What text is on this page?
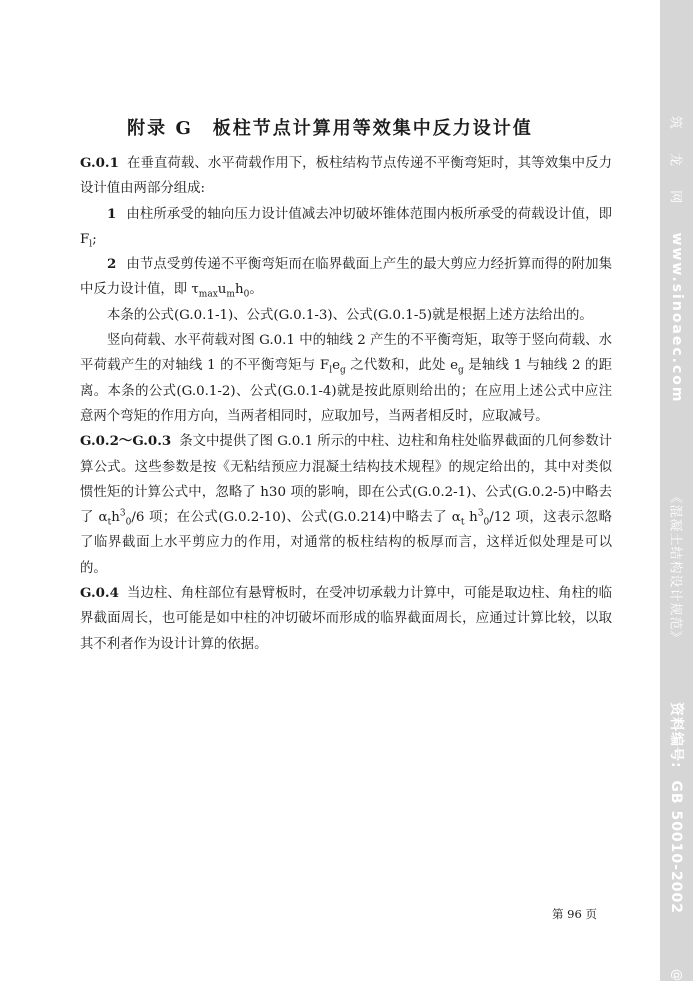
附录 G　板柱节点计算用等效集中反力设计值

G.0.1 在垂直荷载、水平荷载作用下，板柱结构节点传递不平衡弯矩时，其等效集中反力设计值由两部分组成:

1 由柱所承受的轴向压力设计值减去冲切破坏锥体范围内板所承受的荷载设计值，即 $F_l$;

2 由节点受剪传递不平衡弯矩而在临界截面上产生的最大剪应力经折算而得的附加集中反力设计值，即 $\tau_{max}u_mh_0$。

本条的公式(G.0.1-1)、公式(G.0.1-3)、公式(G.0.1-5)就是根据上述方法给出的。

竖向荷载、水平荷载对图 G.0.1 中的轴线 2 产生的不平衡弯矩，取等于竖向荷载、水平荷载产生的对轴线 1 的不平衡弯矩与 $F_le_g$ 之代数和，此处 $e_g$ 是轴线 1 与轴线 2 的距离。本条的公式(G.0.1-2)、公式(G.0.1-4)就是按此原则给出的；在应用上述公式中应注意两个弯矩的作用方向，当两者相同时，应取加号，当两者相反时，应取减号。

G.0.2～G.0.3 条文中提供了图 G.0.1 所示的中柱、边柱和角柱处临界截面的几何参数计算公式。这些参数是按《无粘结预应力混凝土结构技术规程》的规定给出的，其中对类似惯性矩的计算公式中，忽略了 h30 项的影响，即在公式(G.0.2-1)、公式(G.0.2-5)中略去了 $\alpha_th^3_0/6$ 项；在公式(G.0.2-10)、公式(G.0.214)中略去了 $\alpha_t$ $h^3_0/12$ 项，这表示忽略了临界截面上水平剪应力的作用，对通常的板柱结构的板厚而言，这样近似处理是可以的。

G.0.4 当边柱、角柱部位有悬臂板时，在受冲切承载力计算中，可能是取边柱、角柱的临界截面周长，也可能是如中柱的冲切破坏而形成的临界截面周长，应通过计算比较，以取其不利者作为设计计算的依据。

第 96 页
筑 龙 网
www.sinoaec.com
《混凝土结构设计规范》
资料编号:  GB 50010-2002
@
